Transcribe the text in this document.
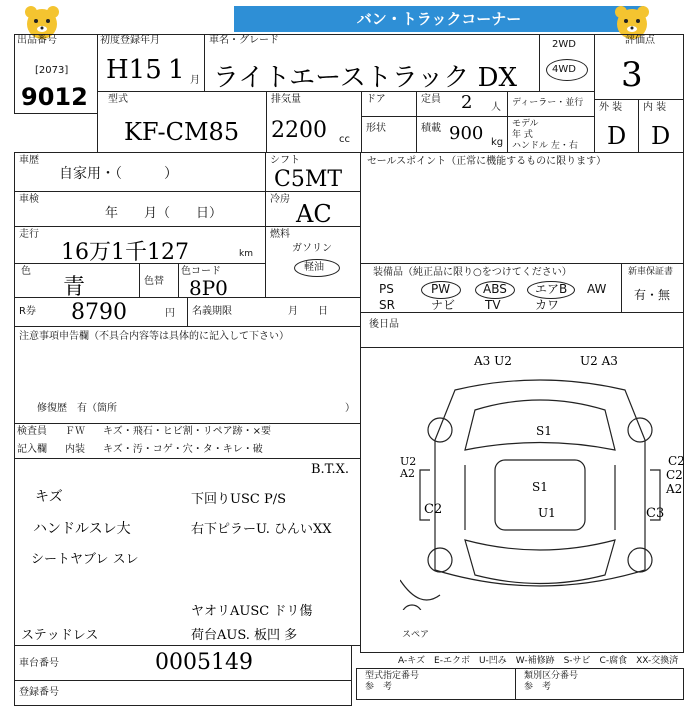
バン・トラックコーナー
出品番号
[2073]
9012
初度登録年月
H15 1 月
車名・グレード
ライトエーストラック DX
2WD
4WD
評価点
3
型式
KF-CM85
排気量
2200 cc
ドア	定員 2 人 ディーラー・並行 外 装
D
内 装
D
形状	積載 900 kg
モデル
年 式
ハンドル 左・右
車歴
自家用・（　　　）
シフト
C5MT
セールスポイント（正常に機能するものに限ります）
車検
年　　月（　　日）
冷房
AC
走行
16万1千127	km
燃料
ガソリン
軽油
色
青	色替
色コード
8P0
装備品（純正品に限り○をつけてください）
PS	PW	ABS エアB AW
SR	ナビ TV	カワ
新車保証書
有・無
R券 8790	円 名義期限	月　　日
後日品
注意事項申告欄（不具合内容等は具体的に記入して下さい）
修復歴　有（箇所	）
検査員
記入欄
ＦＷ キズ・飛石・ヒビ割・リペア跡・×要
内装 キズ・汚・コゲ・穴・タ・キレ・破
キズ
ハンドルスレ大
シートヤブレ スレ
ステッドレス
下回りUSC P/S
右下ピラーU. ひんいXX
ヤオリAUSC ドリ傷
荷台AUS. 板凹 多
B.T.X.
車台番号	0005149
登録番号
A3 U2	U2 A3
S1
S1
U1
U2
A2
C2
C2
A2
C2	C3
スペア
A-キズ　E-エクボ　U-凹み　W-補修跡　S-サビ　C-腐食　XX-交換済
型式指定番号
参　考
類別区分番号
参　考
